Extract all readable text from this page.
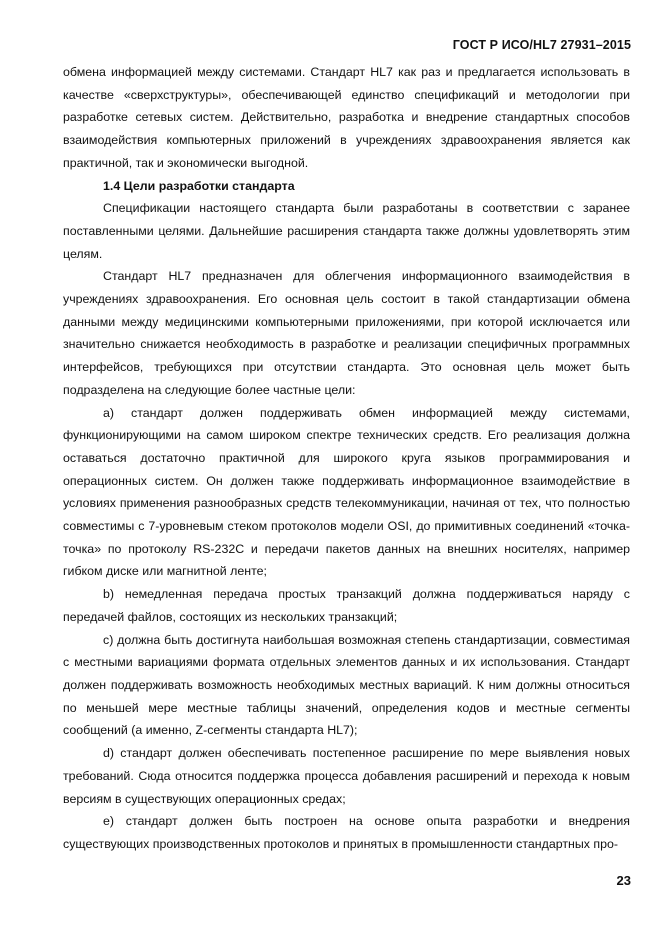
ГОСТ Р ИСО/HL7 27931–2015

обмена информацией между системами. Стандарт HL7 как раз и предлагается использовать в качестве «сверхструктуры», обеспечивающей единство спецификаций и методологии при разработке сетевых систем. Действительно, разработка и внедрение стандартных способов взаимодействия компьютерных приложений в учреждениях здравоохранения является как практичной, так и экономически выгодной.

1.4 Цели разработки стандарта

Спецификации настоящего стандарта были разработаны в соответствии с заранее поставленными целями. Дальнейшие расширения стандарта также должны удовлетворять этим целям.

Стандарт HL7 предназначен для облегчения информационного взаимодействия в учреждениях здравоохранения. Его основная цель состоит в такой стандартизации обмена данными между медицинскими компьютерными приложениями, при которой исключается или значительно снижается необходимость в разработке и реализации специфичных программных интерфейсов, требующихся при отсутствии стандарта. Это основная цель может быть подразделена на следующие более частные цели:

а) стандарт должен поддерживать обмен информацией между системами, функционирующими на самом широком спектре технических средств. Его реализация должна оставаться достаточно практичной для широкого круга языков программирования и операционных систем. Он должен также поддерживать информационное взаимодействие в условиях применения разнообразных средств телекоммуникации, начиная от тех, что полностью совместимы с 7-уровневым стеком протоколов модели OSI, до примитивных соединений «точка-точка» по протоколу RS-232C и передачи пакетов данных на внешних носителях, например гибком диске или магнитной ленте;

b) немедленная передача простых транзакций должна поддерживаться наряду с передачей файлов, состоящих из нескольких транзакций;

c) должна быть достигнута наибольшая возможная степень стандартизации, совместимая с местными вариациями формата отдельных элементов данных и их использования. Стандарт должен поддерживать возможность необходимых местных вариаций. К ним должны относиться по меньшей мере местные таблицы значений, определения кодов и местные сегменты сообщений (а именно, Z-сегменты стандарта HL7);

d) стандарт должен обеспечивать постепенное расширение по мере выявления новых требований. Сюда относится поддержка процесса добавления расширений и перехода к новым версиям в существующих операционных средах;

e) стандарт должен быть построен на основе опыта разработки и внедрения существующих производственных протоколов и принятых в промышленности стандартных про-

23
